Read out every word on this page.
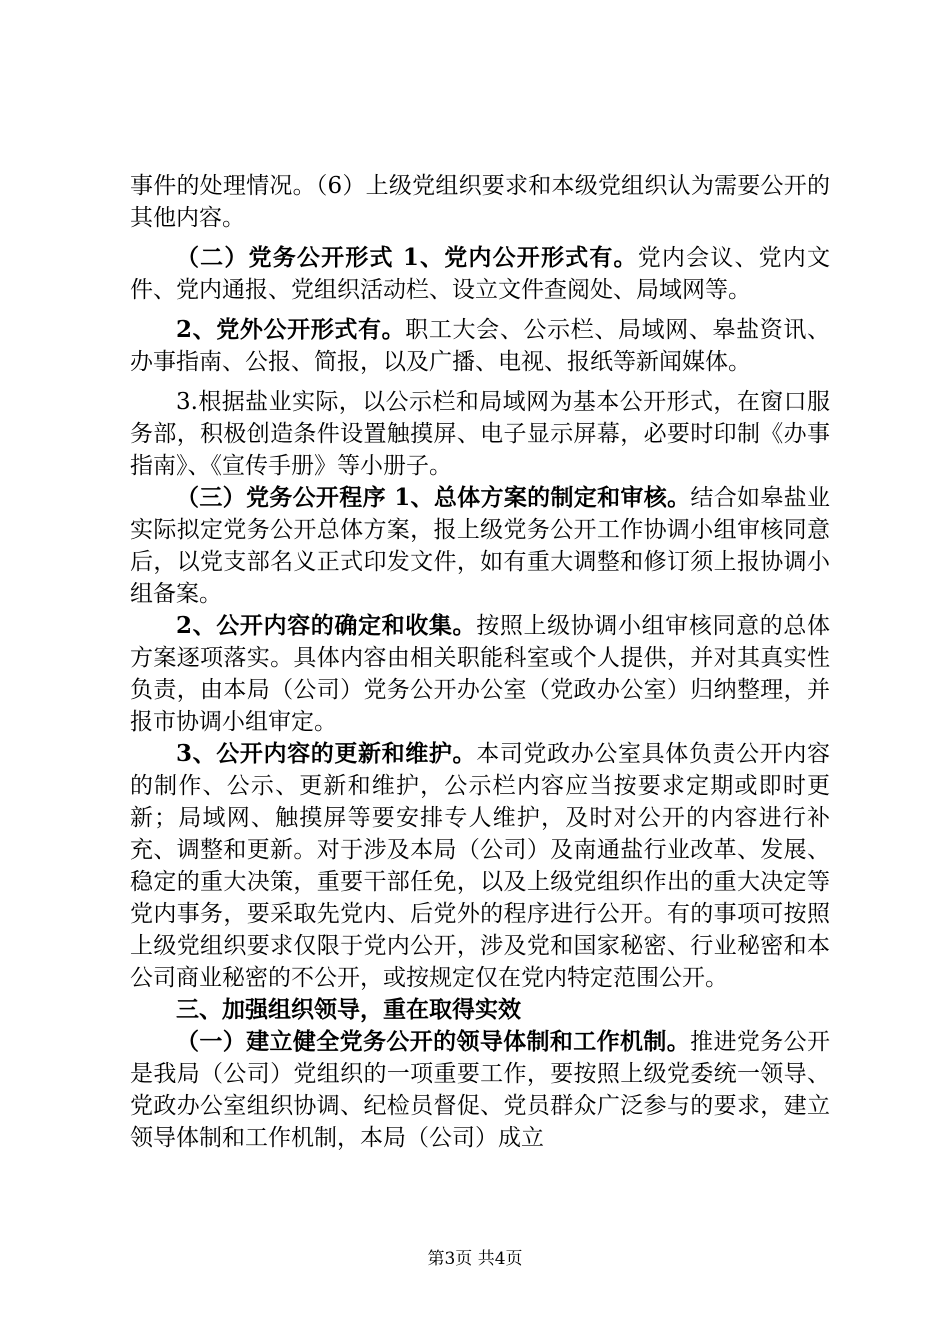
事件的处理情况。（6）上级党组织要求和本级党组织认为需要公开的其他内容。

（二）党务公开形式 1、党内公开形式有。党内会议、党内文件、党内通报、党组织活动栏、设立文件查阅处、局域网等。

2、党外公开形式有。职工大会、公示栏、局域网、皋盐资讯、办事指南、公报、简报，以及广播、电视、报纸等新闻媒体。

3.根据盐业实际，以公示栏和局域网为基本公开形式，在窗口服务部，积极创造条件设置触摸屏、电子显示屏幕，必要时印制《办事指南》、《宣传手册》等小册子。

（三）党务公开程序 1、总体方案的制定和审核。结合如皋盐业实际拟定党务公开总体方案，报上级党务公开工作协调小组审核同意后，以党支部名义正式印发文件，如有重大调整和修订须上报协调小组备案。

2、公开内容的确定和收集。按照上级协调小组审核同意的总体方案逐项落实。具体内容由相关职能科室或个人提供，并对其真实性负责，由本局（公司）党务公开办公室（党政办公室）归纳整理，并报市协调小组审定。

3、公开内容的更新和维护。本司党政办公室具体负责公开内容的制作、公示、更新和维护，公示栏内容应当按要求定期或即时更新；局域网、触摸屏等要安排专人维护，及时对公开的内容进行补充、调整和更新。对于涉及本局（公司）及南通盐行业改革、发展、稳定的重大决策，重要干部任免，以及上级党组织作出的重大决定等党内事务，要采取先党内、后党外的程序进行公开。有的事项可按照上级党组织要求仅限于党内公开，涉及党和国家秘密、行业秘密和本公司商业秘密的不公开，或按规定仅在党内特定范围公开。

三、加强组织领导，重在取得实效

（一）建立健全党务公开的领导体制和工作机制。推进党务公开是我局（公司）党组织的一项重要工作，要按照上级党委统一领导、党政办公室组织协调、纪检员督促、党员群众广泛参与的要求，建立领导体制和工作机制，本局（公司）成立

第3页 共4页
